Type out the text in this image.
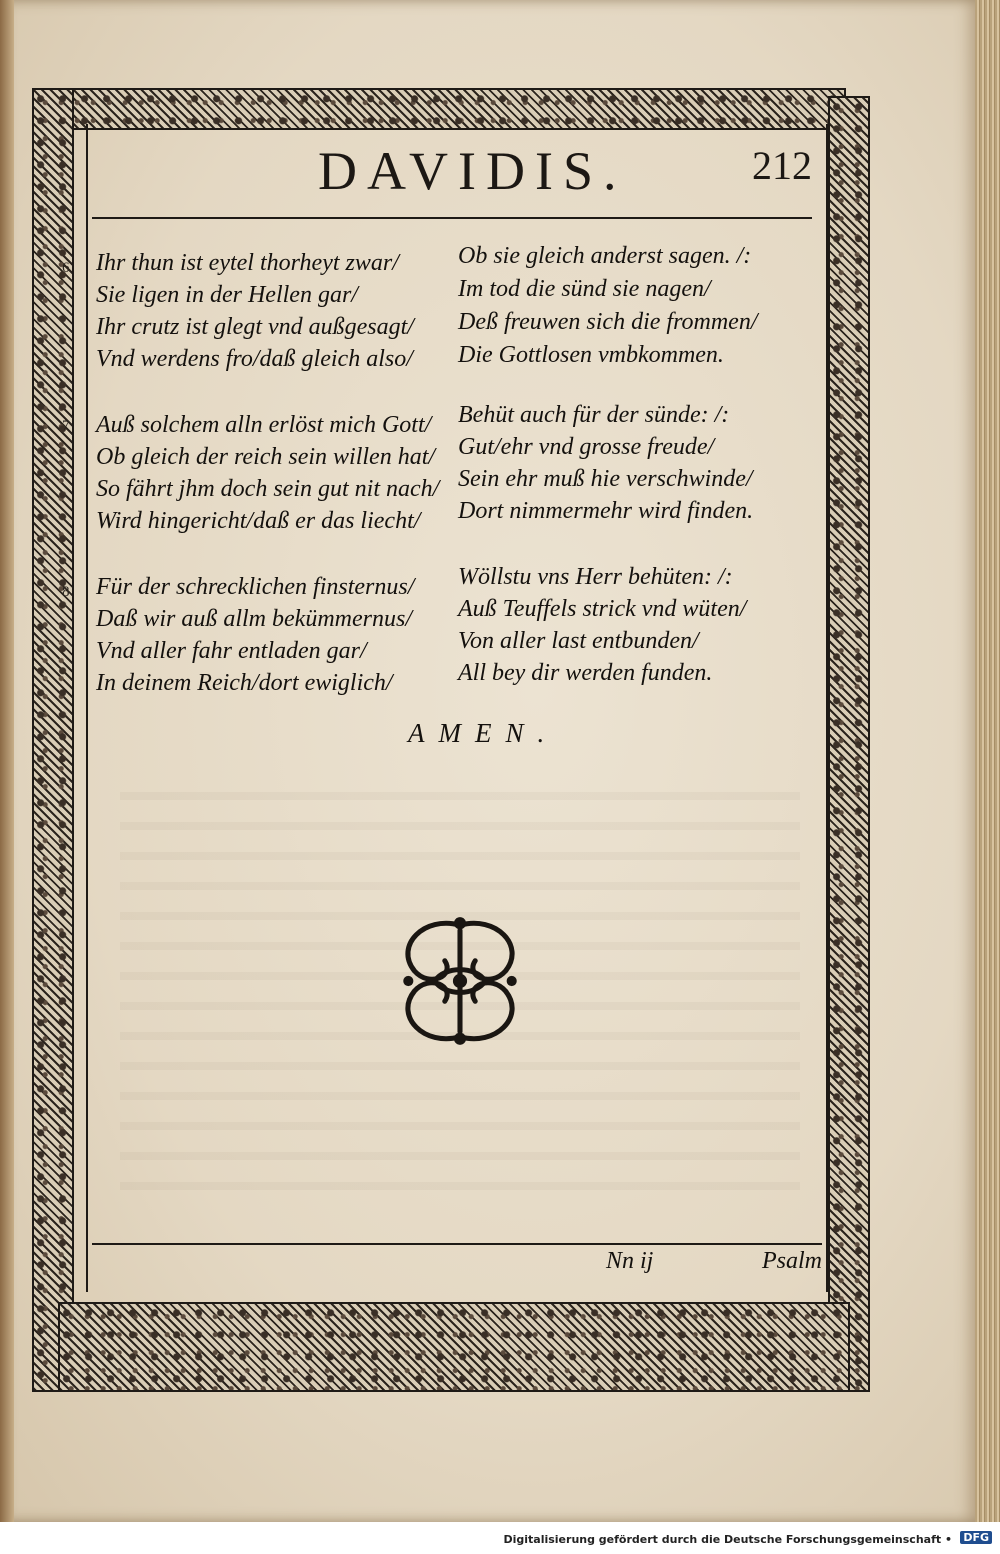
DAVIDIS.	212
6 Ihr thun ist eytel thorheyt zwar/
Sie ligen in der Hellen gar/
Ihr crutz ist glegt vnd außgesagt/
Vnd werdens fro/daß gleich also/
Ob sie gleich anderst sagen. /:
Im tod die sünd sie nagen/
Deß freuwen sich die frommen/
Die Gottlosen vmbkommen.
7 Auß solchem alln erlöst mich Gott/
Ob gleich der reich sein willen hat/
So fährt jhm doch sein gut nit nach/
Wird hingericht/daß er das liecht/
Behüt auch für der sünde: /:
Gut/ehr vnd grosse freude/
Sein ehr muß hie verschwinde/
Dort nimmermehr wird finden.
8 Für der schrecklichen finsternus/
Daß wir auß allm bekümmernus/
Vnd aller fahr entladen gar/
In deinem Reich/dort ewiglich/
Wöllstu vns Herr behüten: /:
Auß Teuffels strick vnd wüten/
Von aller last entbunden/
All bey dir werden funden.
AMEN.
Nn ij	Psalm
Digitalisierung gefördert durch die Deutsche Forschungsgemeinschaft • DFG
